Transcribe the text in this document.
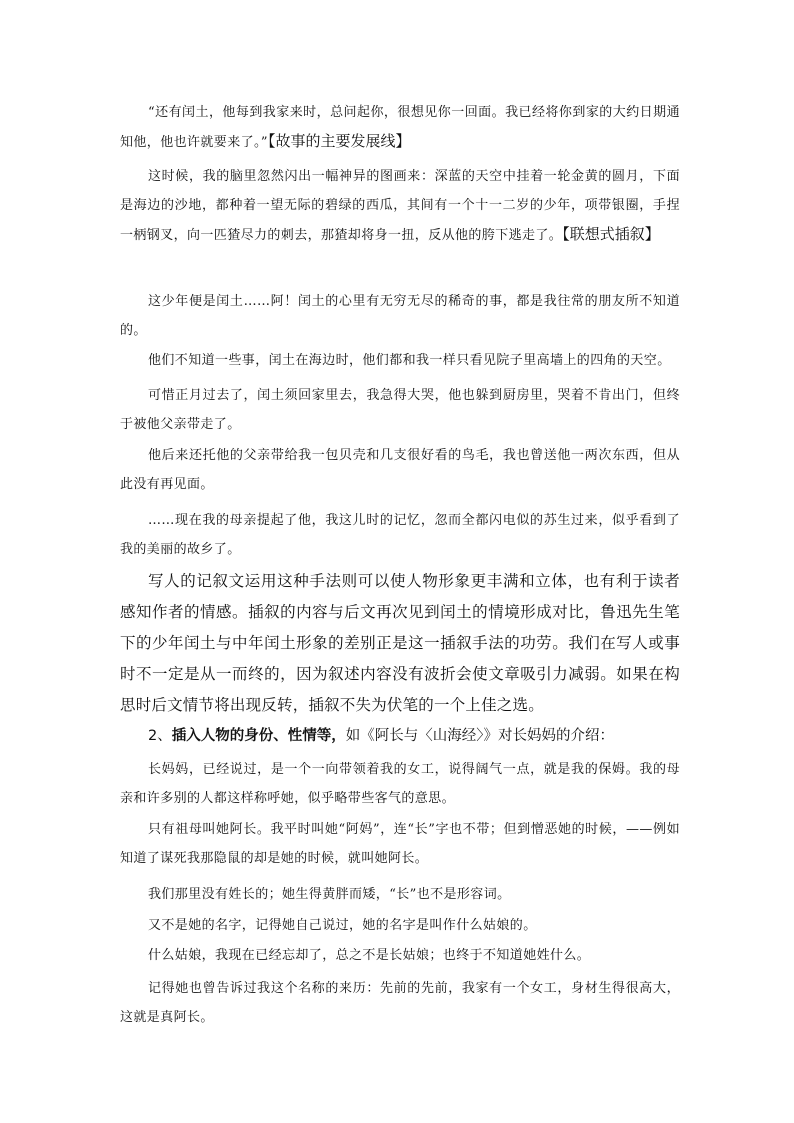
“还有闰土，他每到我家来时，总问起你，很想见你一回面。我已经将你到家的大约日期通知他，他也许就要来了。”【故事的主要发展线】

这时候，我的脑里忽然闪出一幅神异的图画来：深蓝的天空中挂着一轮金黄的圆月，下面是海边的沙地，都种着一望无际的碧绿的西瓜，其间有一个十一二岁的少年，项带银圈，手捏一柄钢叉，向一匹猹尽力的刺去，那猹却将身一扭，反从他的胯下逃走了。【联想式插叙】

这少年便是闰土……阿！闰土的心里有无穷无尽的稀奇的事，都是我往常的朋友所不知道的。

他们不知道一些事，闰土在海边时，他们都和我一样只看见院子里高墙上的四角的天空。

可惜正月过去了，闰土须回家里去，我急得大哭，他也躲到厨房里，哭着不肯出门，但终于被他父亲带走了。

他后来还托他的父亲带给我一包贝壳和几支很好看的鸟毛，我也曾送他一两次东西，但从此没有再见面。

……现在我的母亲提起了他，我这儿时的记忆，忽而全都闪电似的苏生过来，似乎看到了我的美丽的故乡了。

写人的记叙文运用这种手法则可以使人物形象更丰满和立体，也有利于读者感知作者的情感。插叙的内容与后文再次见到闰土的情境形成对比，鲁迅先生笔下的少年闰土与中年闰土形象的差别正是这一插叙手法的功劳。我们在写人或事时不一定是从一而终的，因为叙述内容没有波折会使文章吸引力减弱。如果在构思时后文情节将出现反转，插叙不失为伏笔的一个上佳之选。

2、插入人物的身份、性情等，如《阿长与〈山海经〉》对长妈妈的介绍：

长妈妈，已经说过，是一个一向带领着我的女工，说得阔气一点，就是我的保姆。我的母亲和许多别的人都这样称呼她，似乎略带些客气的意思。

只有祖母叫她阿长。我平时叫她“阿妈”，连“长”字也不带；但到憎恶她的时候，——例如知道了谋死我那隐鼠的却是她的时候，就叫她阿长。

我们那里没有姓长的；她生得黄胖而矮，“长”也不是形容词。

又不是她的名字，记得她自己说过，她的名字是叫作什么姑娘的。

什么姑娘，我现在已经忘却了，总之不是长姑娘；也终于不知道她姓什么。

记得她也曾告诉过我这个名称的来历：先前的先前，我家有一个女工，身材生得很高大，这就是真阿长。
